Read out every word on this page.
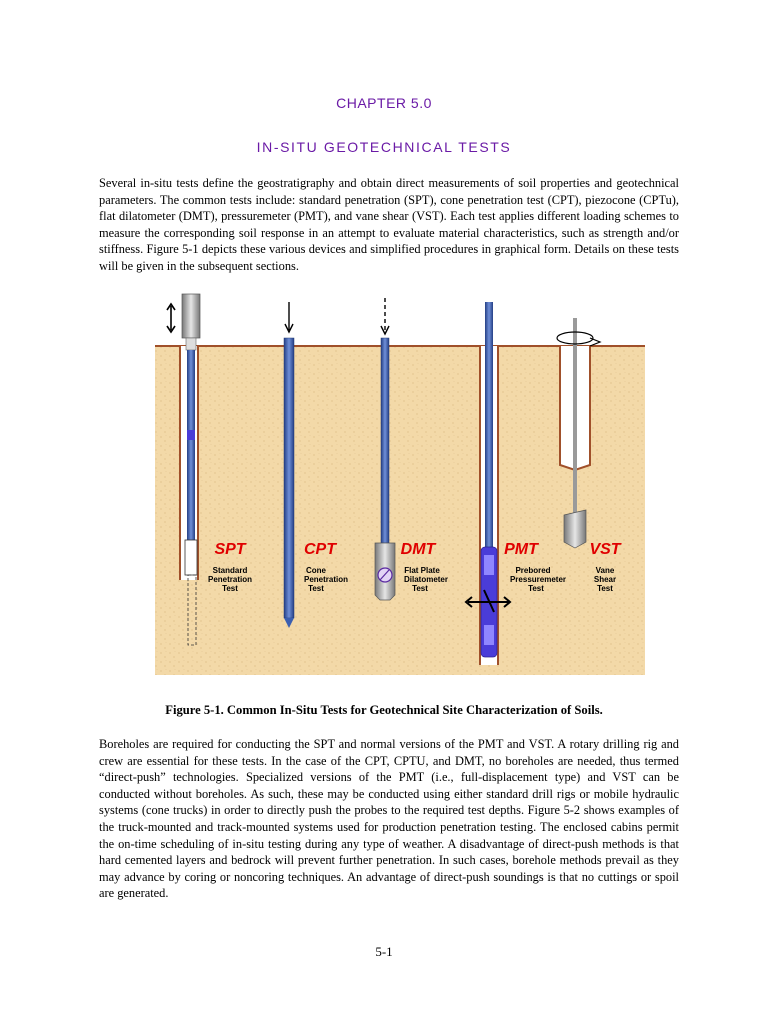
CHAPTER 5.0
IN-SITU GEOTECHNICAL TESTS
Several in-situ tests define the geostratigraphy and obtain direct measurements of soil properties and geotechnical parameters. The common tests include: standard penetration (SPT), cone penetration test (CPT), piezocone (CPTu), flat dilatometer (DMT), pressuremeter (PMT), and vane shear (VST). Each test applies different loading schemes to measure the corresponding soil response in an attempt to evaluate material characteristics, such as strength and/or stiffness. Figure 5-1 depicts these various devices and simplified procedures in graphical form. Details on these tests will be given in the subsequent sections.
SPT
Standard
Penetration
Test
CPT
Cone
Penetration
Test
DMT
Flat Plate
Dilatometer
Test
PMT
Prebored
Pressuremeter
Test
VST
Vane
Shear
Test
Figure 5-1. Common In-Situ Tests for Geotechnical Site Characterization of Soils.
Boreholes are required for conducting the SPT and normal versions of the PMT and VST. A rotary drilling rig and crew are essential for these tests. In the case of the CPT, CPTU, and DMT, no boreholes are needed, thus termed “direct-push” technologies. Specialized versions of the PMT (i.e., full-displacement type) and VST can be conducted without boreholes. As such, these may be conducted using either standard drill rigs or mobile hydraulic systems (cone trucks) in order to directly push the probes to the required test depths. Figure 5-2 shows examples of the truck-mounted and track-mounted systems used for production penetration testing. The enclosed cabins permit the on-time scheduling of in-situ testing during any type of weather. A disadvantage of direct-push methods is that hard cemented layers and bedrock will prevent further penetration. In such cases, borehole methods prevail as they may advance by coring or noncoring techniques. An advantage of direct-push soundings is that no cuttings or spoil are generated.
5-1
